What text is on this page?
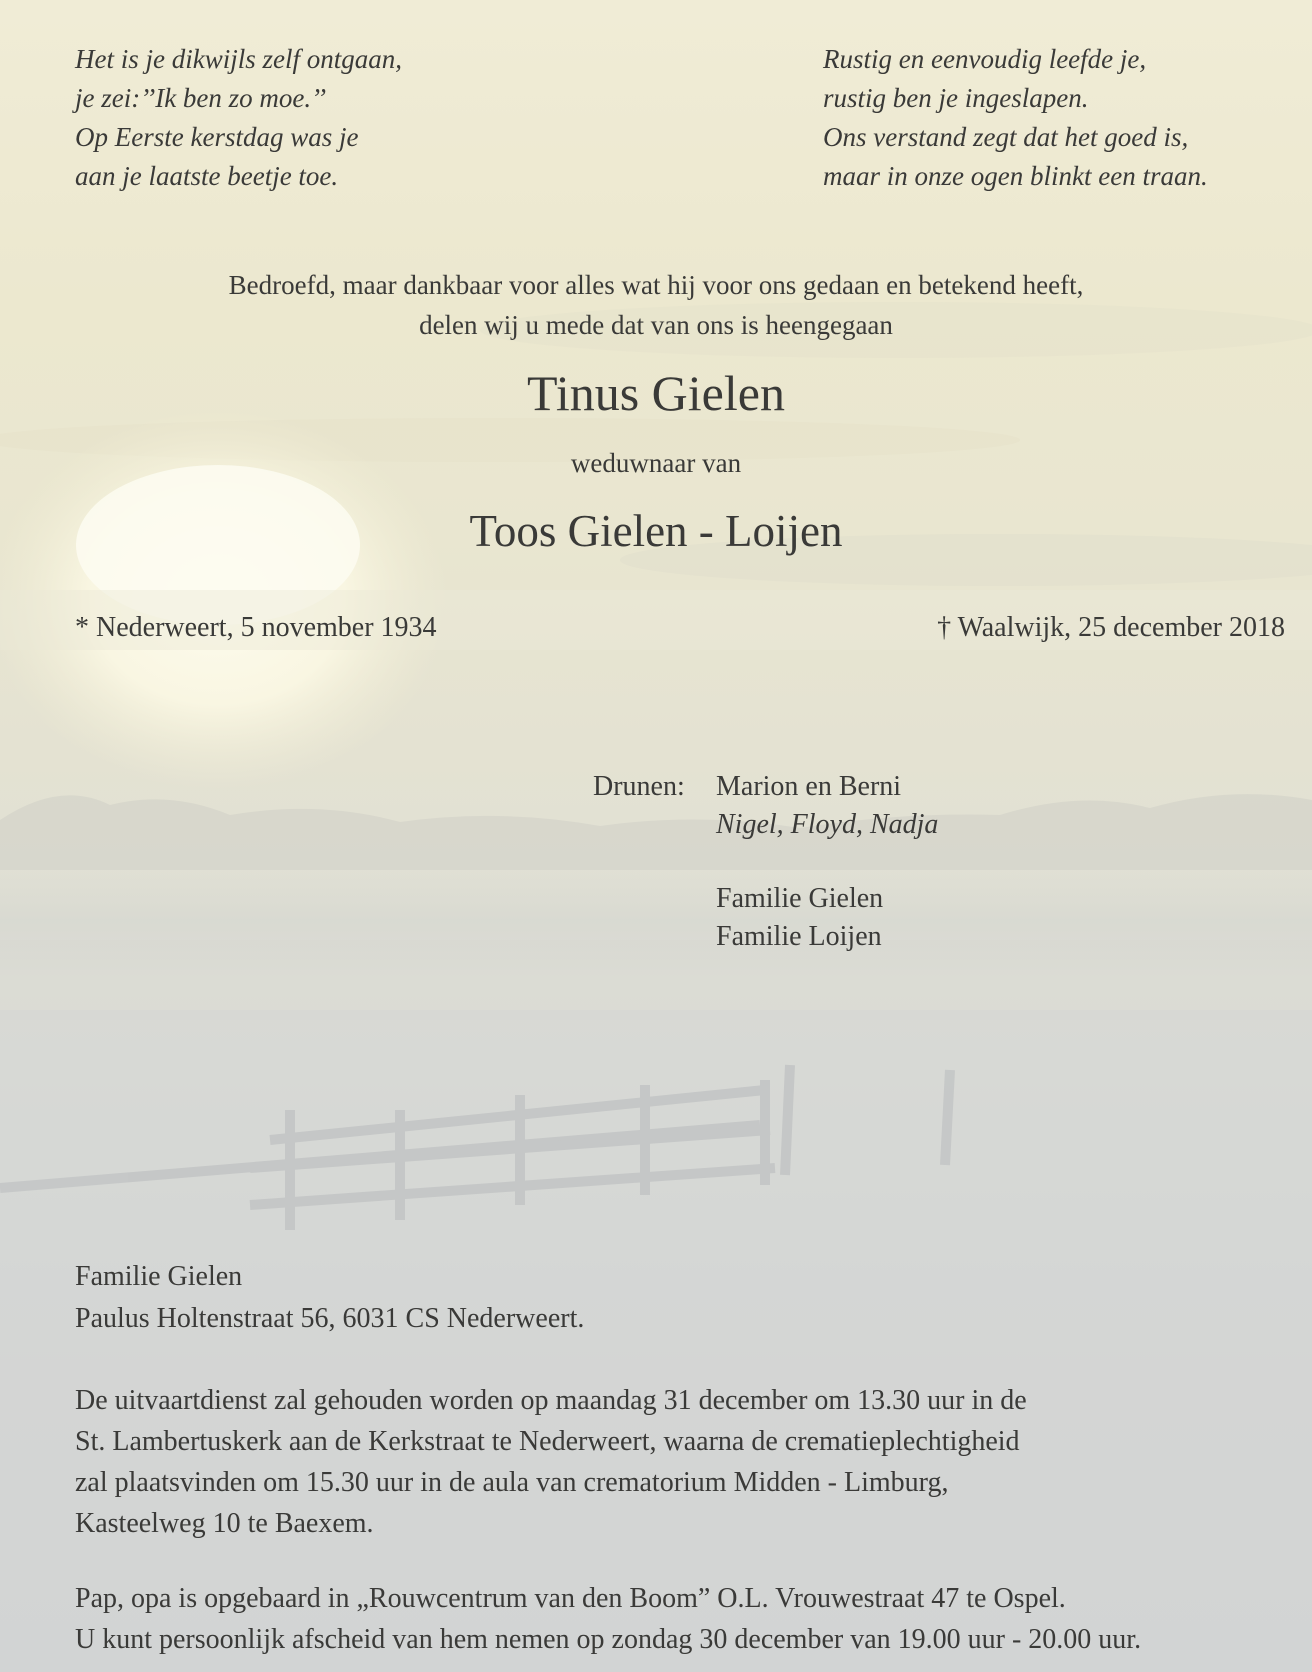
Het is je dikwijls zelf ontgaan,
je zei:’’Ik ben zo moe.’’
Op Eerste kerstdag was je
aan je laatste beetje toe.
Rustig en eenvoudig leefde je,
rustig ben je ingeslapen.
Ons verstand zegt dat het goed is,
maar in onze ogen blinkt een traan.
Bedroefd, maar dankbaar voor alles wat hij voor ons gedaan en betekend heeft,
delen wij u mede dat van ons is heengegaan
Tinus Gielen
weduwnaar van
Toos Gielen - Loijen
* Nederweert, 5 november 1934	† Waalwijk, 25 december 2018
Drunen: Marion en Berni
Nigel, Floyd, Nadja
Familie Gielen
Familie Loijen
Familie Gielen
Paulus Holtenstraat 56, 6031 CS Nederweert.
De uitvaartdienst zal gehouden worden op maandag 31 december om 13.30 uur in de
St. Lambertuskerk aan de Kerkstraat te Nederweert, waarna de crematieplechtigheid
zal plaatsvinden om 15.30 uur in de aula van crematorium Midden - Limburg,
Kasteelweg 10 te Baexem.
Pap, opa is opgebaard in „Rouwcentrum van den Boom” O.L. Vrouwestraat 47 te Ospel.
U kunt persoonlijk afscheid van hem nemen op zondag 30 december van 19.00 uur - 20.00 uur.
